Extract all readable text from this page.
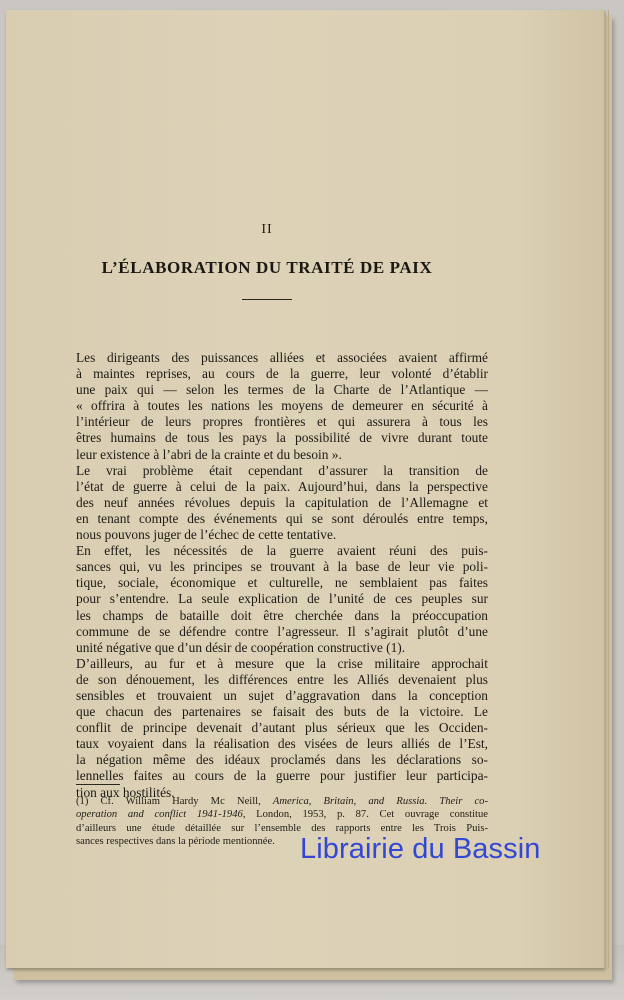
II
L’ÉLABORATION DU TRAITÉ DE PAIX
Les dirigeants des puissances alliées et associées avaient affirmé
à maintes reprises, au cours de la guerre, leur volonté d’établir
une paix qui — selon les termes de la Charte de l’Atlantique —
« offrira à toutes les nations les moyens de demeurer en sécurité à
l’intérieur de leurs propres frontières et qui assurera à tous les
êtres humains de tous les pays la possibilité de vivre durant toute
leur existence à l’abri de la crainte et du besoin ».
Le vrai problème était cependant d’assurer la transition de
l’état de guerre à celui de la paix. Aujourd’hui, dans la perspective
des neuf années révolues depuis la capitulation de l’Allemagne et
en tenant compte des événements qui se sont déroulés entre temps,
nous pouvons juger de l’échec de cette tentative.
En effet, les nécessités de la guerre avaient réuni des puis-
sances qui, vu les principes se trouvant à la base de leur vie poli-
tique, sociale, économique et culturelle, ne semblaient pas faites
pour s’entendre. La seule explication de l’unité de ces peuples sur
les champs de bataille doit être cherchée dans la préoccupation
commune de se défendre contre l’agresseur. Il s’agirait plutôt d’une
unité négative que d’un désir de coopération constructive (1).
D’ailleurs, au fur et à mesure que la crise militaire approchait
de son dénouement, les différences entre les Alliés devenaient plus
sensibles et trouvaient un sujet d’aggravation dans la conception
que chacun des partenaires se faisait des buts de la victoire. Le
conflit de principe devenait d’autant plus sérieux que les Occiden-
taux voyaient dans la réalisation des visées de leurs alliés de l’Est,
la négation même des idéaux proclamés dans les déclarations so-
lennelles faites au cours de la guerre pour justifier leur participa-
tion aux hostilités.
(1) Cf. William Hardy Mc Neill, America, Britain, and Russia. Their co-
operation and conflict 1941-1946, London, 1953, p. 87. Cet ouvrage constitue
d’ailleurs une étude détaillée sur l’ensemble des rapports entre les Trois Puis-
sances respectives dans la période mentionnée. Librairie du Bassin
